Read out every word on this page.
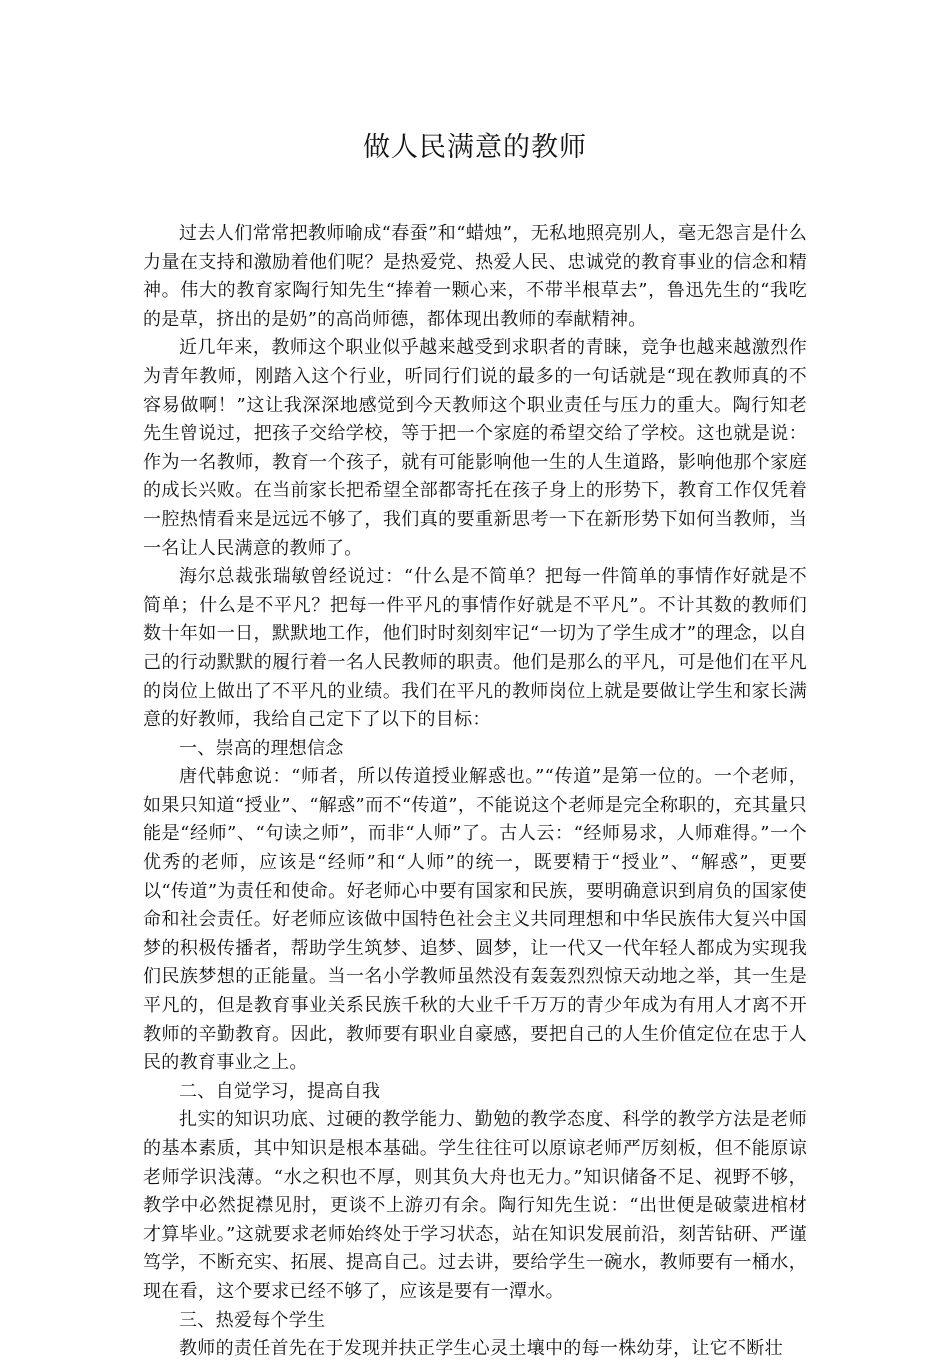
做人民满意的教师

过去人们常常把教师喻成“春蚕”和“蜡烛”，无私地照亮别人，毫无怨言是什么力量在支持和激励着他们呢？是热爱党、热爱人民、忠诚党的教育事业的信念和精神。伟大的教育家陶行知先生“捧着一颗心来，不带半根草去”，鲁迅先生的“我吃的是草，挤出的是奶”的高尚师德，都体现出教师的奉献精神。

近几年来，教师这个职业似乎越来越受到求职者的青睐，竞争也越来越激烈作为青年教师，刚踏入这个行业，听同行们说的最多的一句话就是“现在教师真的不容易做啊！”这让我深深地感觉到今天教师这个职业责任与压力的重大。陶行知老先生曾说过，把孩子交给学校，等于把一个家庭的希望交给了学校。这也就是说：作为一名教师，教育一个孩子，就有可能影响他一生的人生道路，影响他那个家庭的成长兴败。在当前家长把希望全部都寄托在孩子身上的形势下，教育工作仅凭着一腔热情看来是远远不够了，我们真的要重新思考一下在新形势下如何当教师，当一名让人民满意的教师了。

海尔总裁张瑞敏曾经说过：“什么是不简单？把每一件简单的事情作好就是不简单；什么是不平凡？把每一件平凡的事情作好就是不平凡”。不计其数的教师们数十年如一日，默默地工作，他们时时刻刻牢记“一切为了学生成才”的理念，以自己的行动默默的履行着一名人民教师的职责。他们是那么的平凡，可是他们在平凡的岗位上做出了不平凡的业绩。我们在平凡的教师岗位上就是要做让学生和家长满意的好教师，我给自己定下了以下的目标：

一、崇高的理想信念

唐代韩愈说：“师者，所以传道授业解惑也。”“传道”是第一位的。一个老师，如果只知道“授业”、“解惑”而不“传道”，不能说这个老师是完全称职的，充其量只能是“经师”、“句读之师”，而非“人师”了。古人云：“经师易求，人师难得。”一个优秀的老师，应该是“经师”和“人师”的统一，既要精于“授业”、“解惑”，更要以“传道”为责任和使命。好老师心中要有国家和民族，要明确意识到肩负的国家使命和社会责任。好老师应该做中国特色社会主义共同理想和中华民族伟大复兴中国梦的积极传播者，帮助学生筑梦、追梦、圆梦，让一代又一代年轻人都成为实现我们民族梦想的正能量。当一名小学教师虽然没有轰轰烈烈惊天动地之举，其一生是平凡的，但是教育事业关系民族千秋的大业千千万万的青少年成为有用人才离不开教师的辛勤教育。因此，教师要有职业自豪感，要把自己的人生价值定位在忠于人民的教育事业之上。

二、自觉学习，提高自我

扎实的知识功底、过硬的教学能力、勤勉的教学态度、科学的教学方法是老师的基本素质，其中知识是根本基础。学生往往可以原谅老师严厉刻板，但不能原谅老师学识浅薄。“水之积也不厚，则其负大舟也无力。”知识储备不足、视野不够，教学中必然捉襟见肘，更谈不上游刃有余。陶行知先生说：“出世便是破蒙进棺材才算毕业。”这就要求老师始终处于学习状态，站在知识发展前沿，刻苦钻研、严谨笃学，不断充实、拓展、提高自己。过去讲，要给学生一碗水，教师要有一桶水，现在看，这个要求已经不够了，应该是要有一潭水。

三、热爱每个学生

教师的责任首先在于发现并扶正学生心灵土壤中的每一株幼芽，让它不断壮
